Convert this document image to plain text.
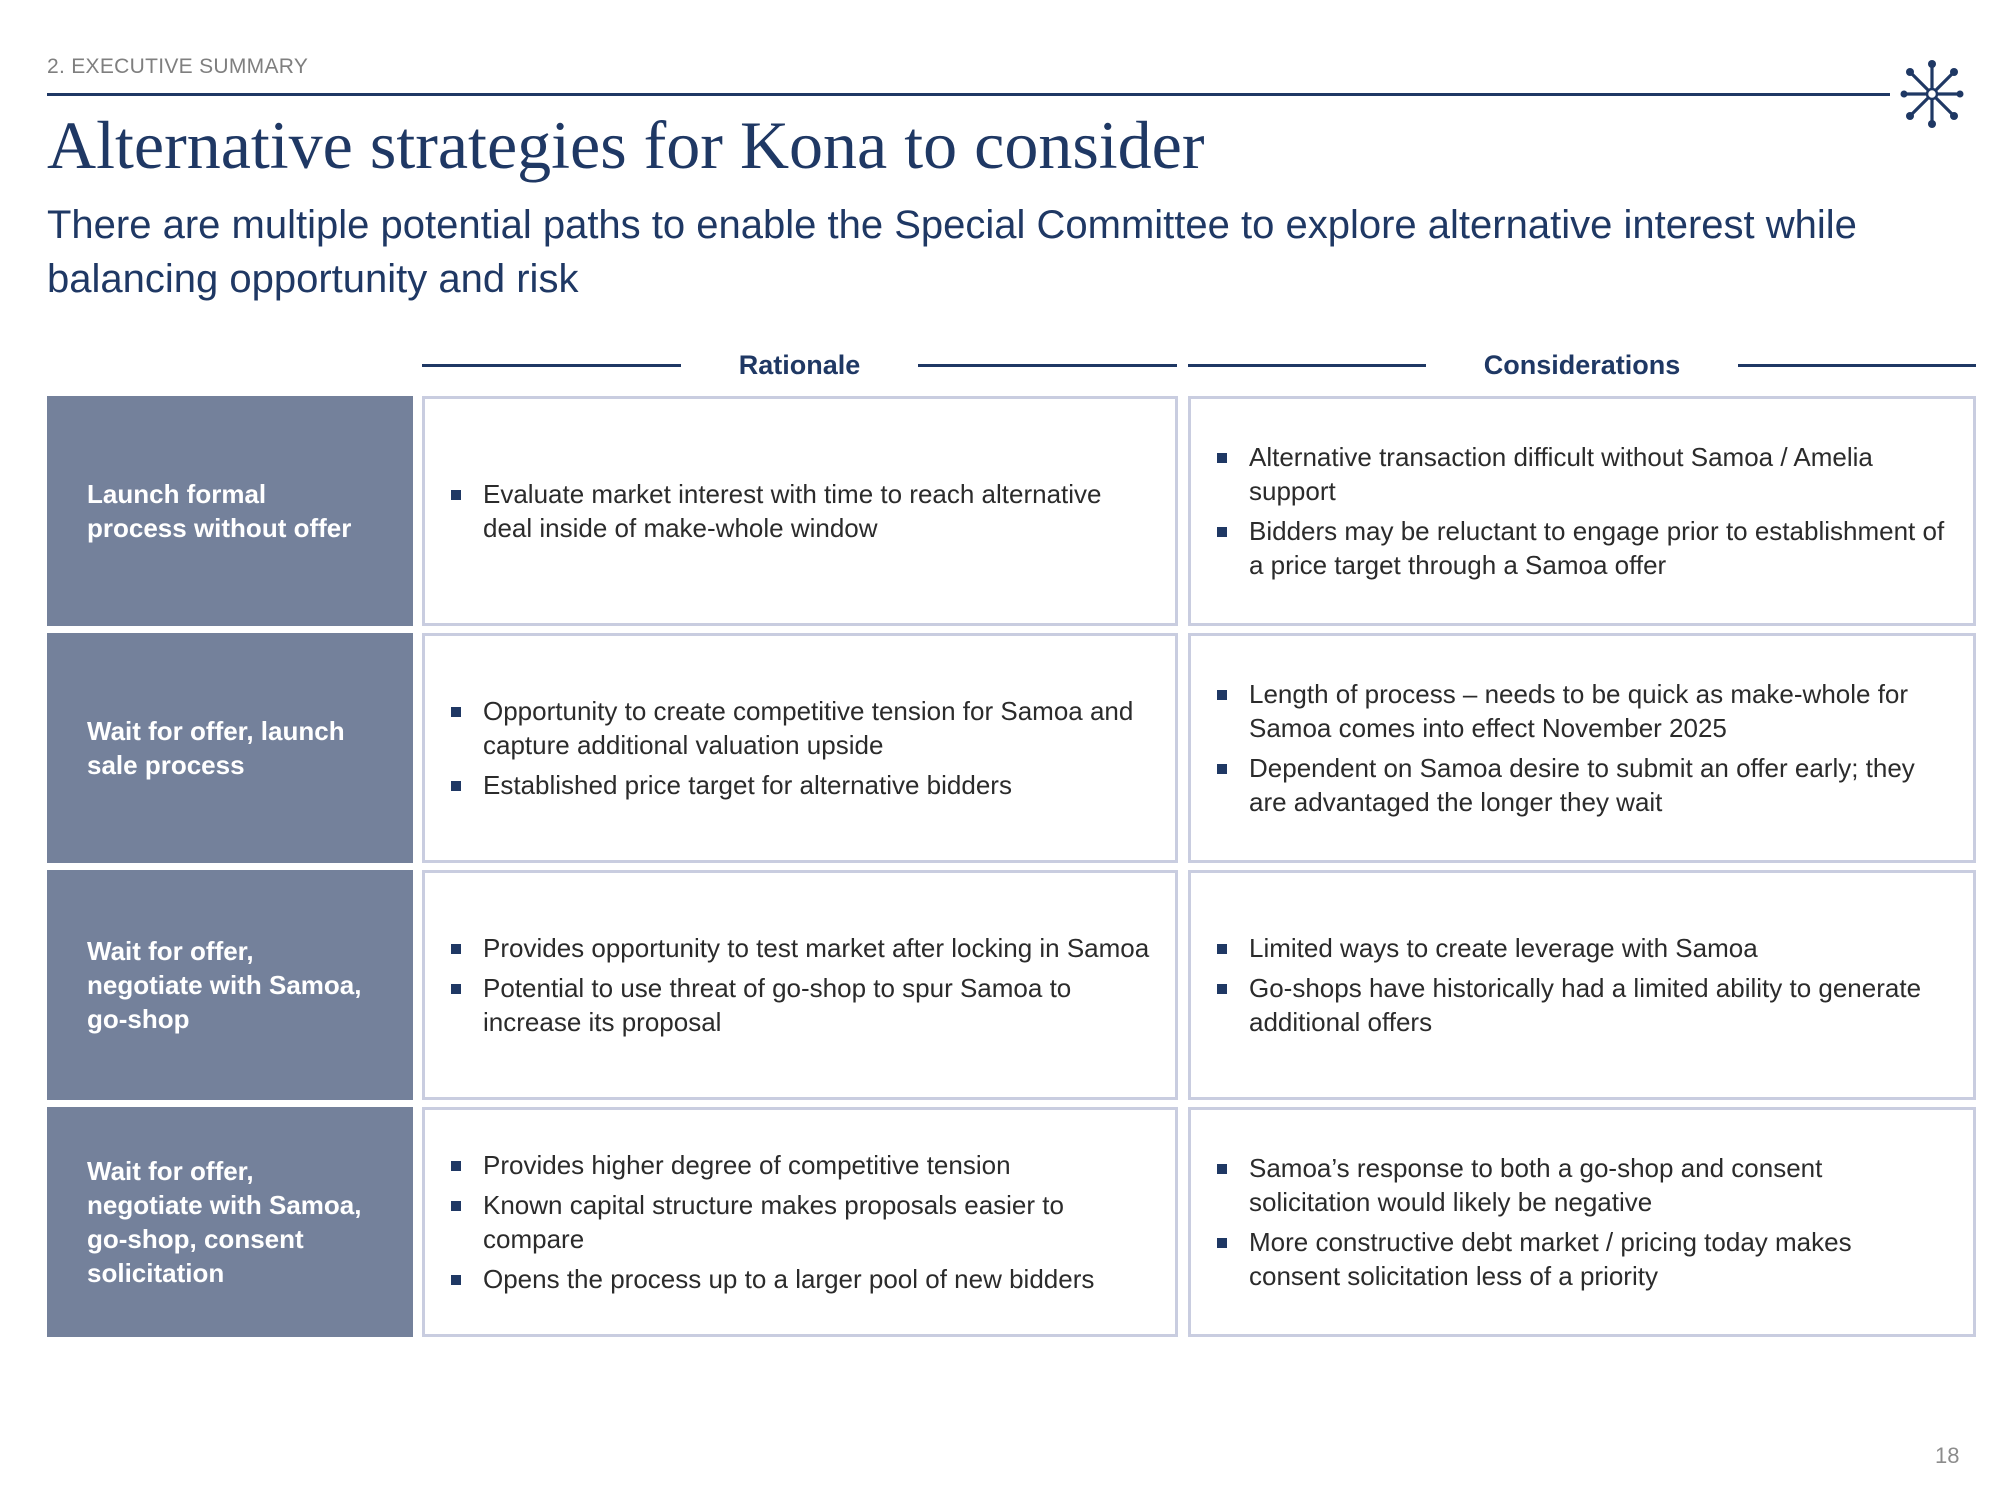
2. EXECUTIVE SUMMARY
Alternative strategies for Kona to consider
There are multiple potential paths to enable the Special Committee to explore alternative interest while balancing opportunity and risk
Rationale	Considerations
Launch formal process without offer
Evaluate market interest with time to reach alternative deal inside of make-whole window
Alternative transaction difficult without Samoa / Amelia support
Bidders may be reluctant to engage prior to establishment of a price target through a Samoa offer
Wait for offer, launch sale process
Opportunity to create competitive tension for Samoa and capture additional valuation upside
Established price target for alternative bidders
Length of process – needs to be quick as make-whole for Samoa comes into effect November 2025
Dependent on Samoa desire to submit an offer early; they are advantaged the longer they wait
Wait for offer, negotiate with Samoa, go-shop
Provides opportunity to test market after locking in Samoa
Potential to use threat of go-shop to spur Samoa to increase its proposal
Limited ways to create leverage with Samoa
Go-shops have historically had a limited ability to generate additional offers
Wait for offer, negotiate with Samoa, go-shop, consent solicitation
Provides higher degree of competitive tension
Known capital structure makes proposals easier to compare
Opens the process up to a larger pool of new bidders
Samoa’s response to both a go-shop and consent solicitation would likely be negative
More constructive debt market / pricing today makes consent solicitation less of a priority
18
